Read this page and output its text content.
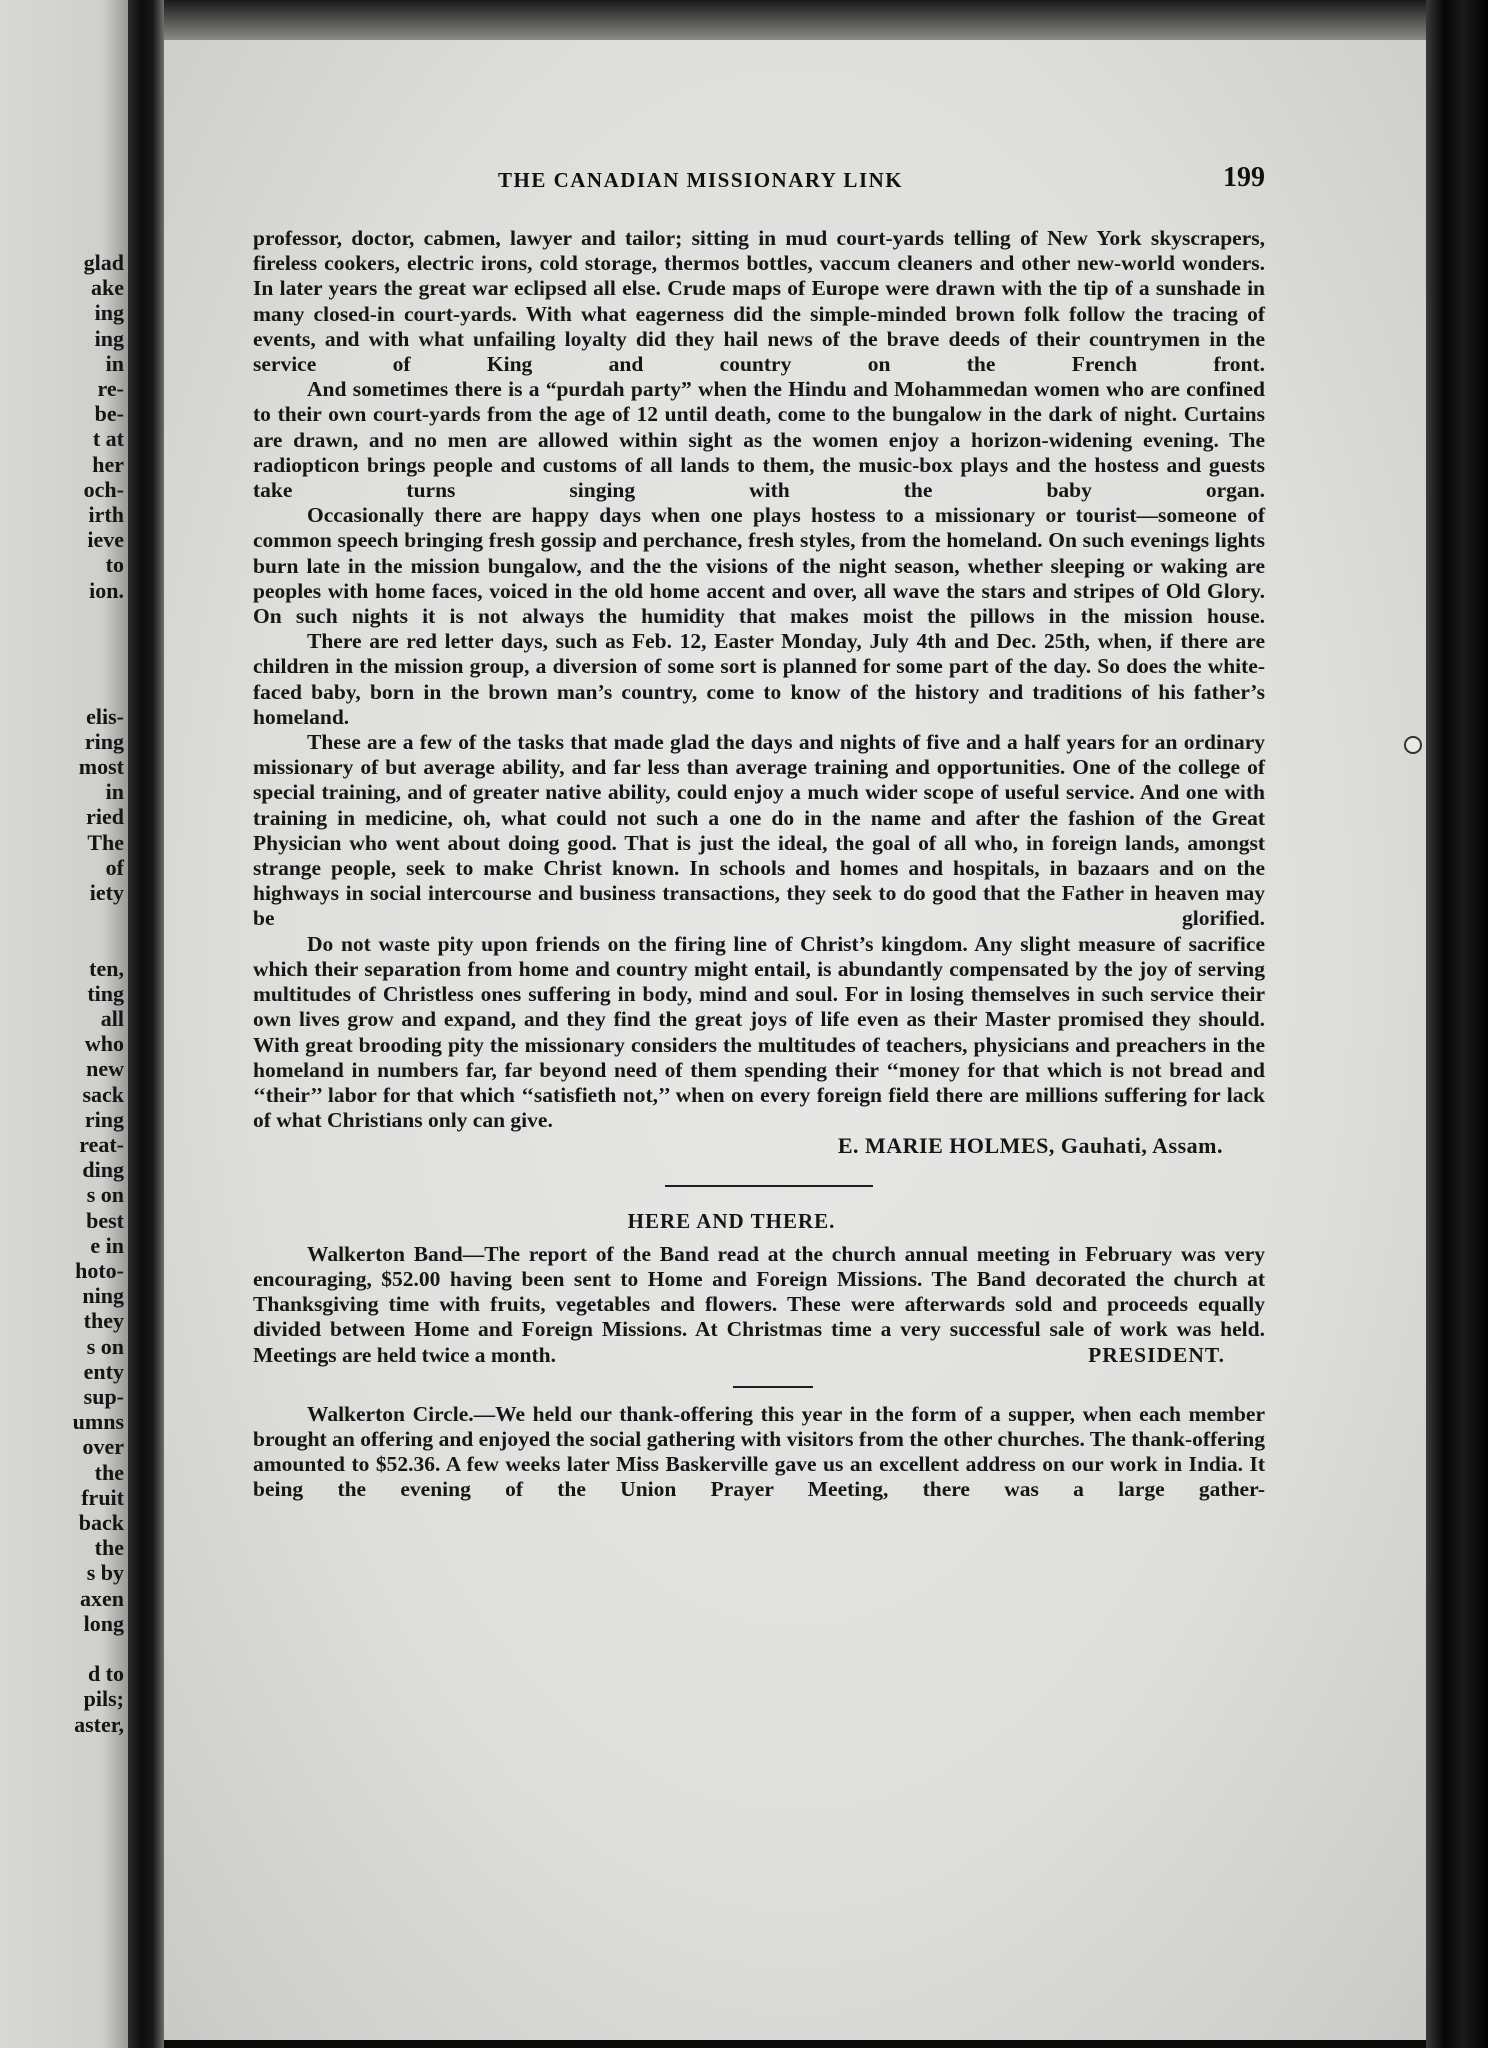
glad
ake
ing
ing
in
re-
be-
t at
her
och-
irth
ieve
to
ion.

elis-
ring
most
in
ried
The
of
iety

ten,
ting
all
who
new
sack
ring
reat-
ding
s on
best
e in
hoto-
ning
they
s on
enty
sup-
umns
over
the
fruit
back
the
s by
axen
long

d to
pils;
aster,
THE CANADIAN MISSIONARY LINK	199

professor, doctor, cabmen, lawyer and tailor; sitting in mud court-yards telling of New York skyscrapers, fireless cookers, electric irons, cold storage, thermos bottles, vaccum cleaners and other new-world wonders. In later years the great war eclipsed all else. Crude maps of Europe were drawn with the tip of a sunshade in many closed-in court-yards. With what eagerness did the simple-minded brown folk follow the tracing of events, and with what unfailing loyalty did they hail news of the brave deeds of their countrymen in the service of King and country on the French front.

And sometimes there is a “purdah party” when the Hindu and Mohammedan women who are confined to their own court-yards from the age of 12 until death, come to the bungalow in the dark of night. Curtains are drawn, and no men are allowed within sight as the women enjoy a horizon-widening evening. The radiopticon brings people and customs of all lands to them, the music-box plays and the hostess and guests take turns singing with the baby organ.

Occasionally there are happy days when one plays hostess to a missionary or tourist—someone of common speech bringing fresh gossip and perchance, fresh styles, from the homeland. On such evenings lights burn late in the mission bungalow, and the the visions of the night season, whether sleeping or waking are peoples with home faces, voiced in the old home accent and over, all wave the stars and stripes of Old Glory. On such nights it is not always the humidity that makes moist the pillows in the mission house.

There are red letter days, such as Feb. 12, Easter Monday, July 4th and Dec. 25th, when, if there are children in the mission group, a diversion of some sort is planned for some part of the day. So does the white-faced baby, born in the brown man’s country, come to know of the history and traditions of his father’s homeland.

These are a few of the tasks that made glad the days and nights of five and a half years for an ordinary missionary of but average ability, and far less than average training and opportunities. One of the college of special training, and of greater native ability, could enjoy a much wider scope of useful service. And one with training in medicine, oh, what could not such a one do in the name and after the fashion of the Great Physician who went about doing good. That is just the ideal, the goal of all who, in foreign lands, amongst strange people, seek to make Christ known. In schools and homes and hospitals, in bazaars and on the highways in social intercourse and business transactions, they seek to do good that the Father in heaven may be glorified.

Do not waste pity upon friends on the firing line of Christ’s kingdom. Any slight measure of sacrifice which their separation from home and country might entail, is abundantly compensated by the joy of serving multitudes of Christless ones suffering in body, mind and soul. For in losing themselves in such service their own lives grow and expand, and they find the great joys of life even as their Master promised they should. With great brooding pity the missionary considers the multitudes of teachers, physicians and preachers in the homeland in numbers far, far beyond need of them spending their ‘‘money for that which is not bread and ‘‘their’’ labor for that which ‘‘satisfieth not,’’ when on every foreign field there are millions suffering for lack of what Christians only can give.

E. MARIE HOLMES, Gauhati, Assam.
HERE AND THERE.

Walkerton Band—The report of the Band read at the church annual meeting in February was very encouraging, $52.00 having been sent to Home and Foreign Missions. The Band decorated the church at Thanksgiving time with fruits, vegetables and flowers. These were afterwards sold and proceeds equally divided between Home and Foreign Missions. At Christmas time a very successful sale of work was held. Meetings are held twice a month.	PRESIDENT.

Walkerton Circle.—We held our thank-offering this year in the form of a supper, when each member brought an offering and enjoyed the social gathering with visitors from the other churches. The thank-offering amounted to $52.36. A few weeks later Miss Baskerville gave us an excellent address on our work in India. It being the evening of the Union Prayer Meeting, there was a large gather-
